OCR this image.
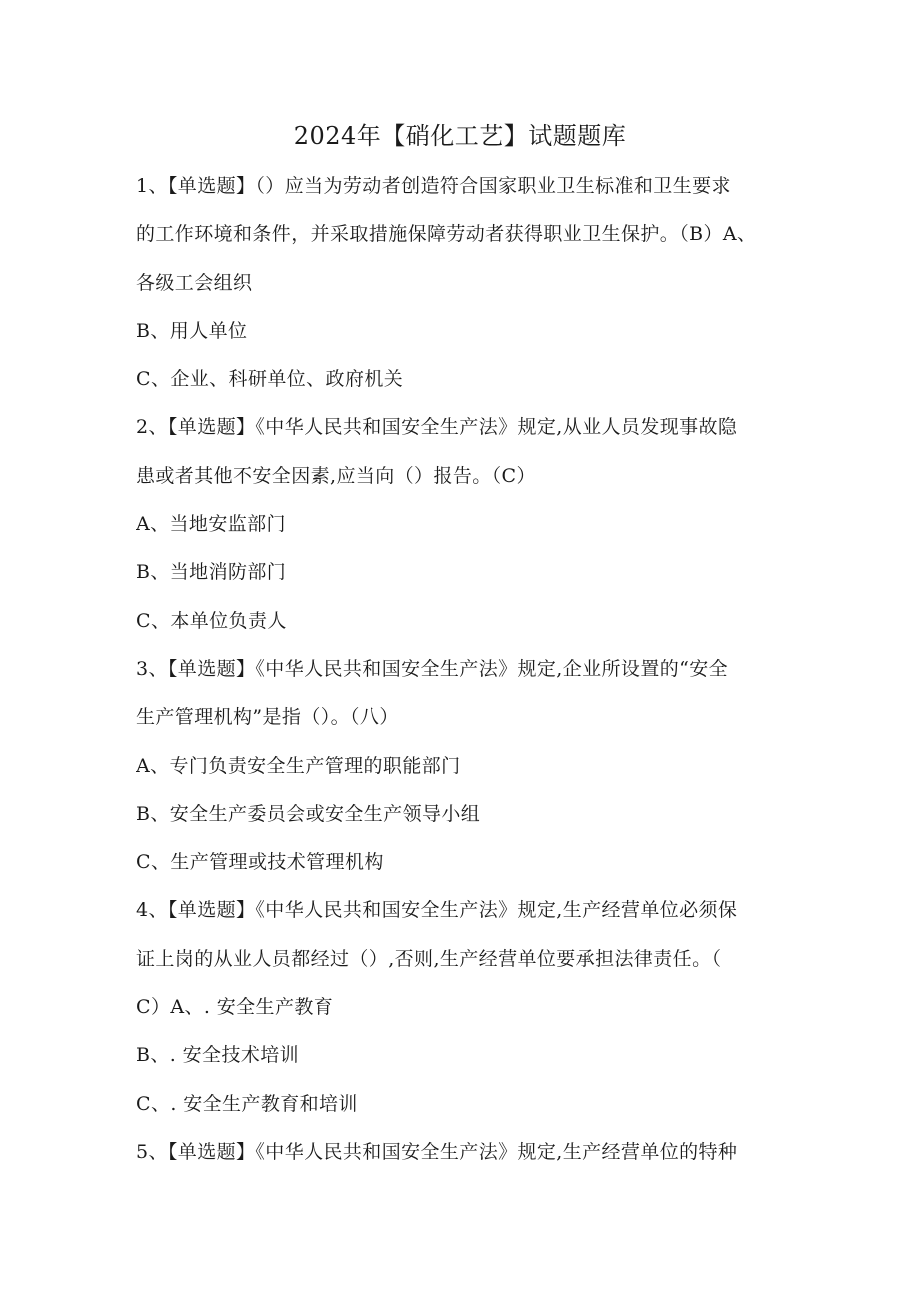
2024年【硝化工艺】试题题库
1、【单选题】（）应当为劳动者创造符合国家职业卫生标准和卫生要求
的工作环境和条件，并采取措施保障劳动者获得职业卫生保护。（B）A、
各级工会组织
B、用人单位
C、企业、科研单位、政府机关
2、【单选题】《中华人民共和国安全生产法》规定,从业人员发现事故隐
患或者其他不安全因素,应当向（）报告。（C）
A、当地安监部门
B、当地消防部门
C、本单位负责人
3、【单选题】《中华人民共和国安全生产法》规定,企业所设置的“安全
生产管理机构”是指（）。（八）
A、专门负责安全生产管理的职能部门
B、安全生产委员会或安全生产领导小组
C、生产管理或技术管理机构
4、【单选题】《中华人民共和国安全生产法》规定,生产经营单位必须保
证上岗的从业人员都经过（）,否则,生产经营单位要承担法律责任。（
C）A、. 安全生产教育
B、. 安全技术培训
C、. 安全生产教育和培训
5、【单选题】《中华人民共和国安全生产法》规定,生产经营单位的特种
